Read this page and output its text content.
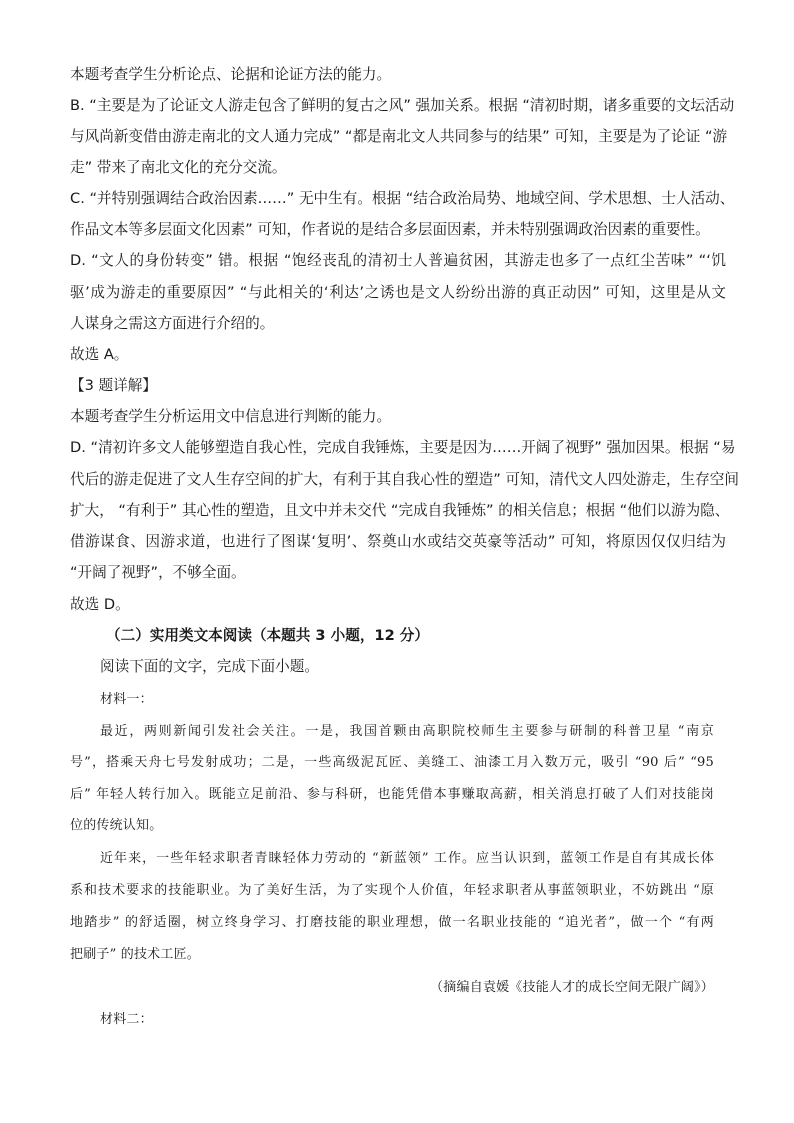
本题考查学生分析论点、论据和论证方法的能力。
B. “主要是为了论证文人游走包含了鲜明的复古之风” 强加关系。根据 “清初时期，诸多重要的文坛活动
与风尚新变借由游走南北的文人通力完成” “都是南北文人共同参与的结果” 可知，主要是为了论证 “游
走” 带来了南北文化的充分交流。
C. “并特别强调结合政治因素……” 无中生有。根据 “结合政治局势、地域空间、学术思想、士人活动、
作品文本等多层面文化因素” 可知，作者说的是结合多层面因素，并未特别强调政治因素的重要性。
D. “文人的身份转变” 错。根据 “饱经丧乱的清初士人普遍贫困，其游走也多了一点红尘苦味” “‘饥
驱’成为游走的重要原因” “与此相关的‘利达’之诱也是文人纷纷出游的真正动因” 可知，这里是从文
人谋身之需这方面进行介绍的。
故选 A。
【3 题详解】
本题考查学生分析运用文中信息进行判断的能力。
D. “清初许多文人能够塑造自我心性，完成自我锤炼，主要是因为……开阔了视野” 强加因果。根据 “易
代后的游走促进了文人生存空间的扩大，有利于其自我心性的塑造” 可知，清代文人四处游走，生存空间
扩大， “有利于” 其心性的塑造，且文中并未交代 “完成自我锤炼” 的相关信息；根据 “他们以游为隐、
借游谋食、因游求道，也进行了图谋‘复明’、祭奠山水或结交英豪等活动” 可知，将原因仅仅归结为
“开阔了视野”，不够全面。
故选 D。
（二）实用类文本阅读（本题共 3 小题，12 分）
阅读下面的文字，完成下面小题。
材料一：
最近，两则新闻引发社会关注。一是，我国首颗由高职院校师生主要参与研制的科普卫星 “南京
号”，搭乘天舟七号发射成功；二是，一些高级泥瓦匠、美缝工、油漆工月入数万元，吸引 “90 后” “95
后” 年轻人转行加入。既能立足前沿、参与科研，也能凭借本事赚取高薪，相关消息打破了人们对技能岗
位的传统认知。
近年来，一些年轻求职者青睐轻体力劳动的 “新蓝领” 工作。应当认识到，蓝领工作是自有其成长体
系和技术要求的技能职业。为了美好生活，为了实现个人价值，年轻求职者从事蓝领职业，不妨跳出 “原
地踏步” 的舒适圈，树立终身学习、打磨技能的职业理想，做一名职业技能的 “追光者”，做一个 “有两
把刷子” 的技术工匠。
（摘编自袁媛《技能人才的成长空间无限广阔》）
材料二：
